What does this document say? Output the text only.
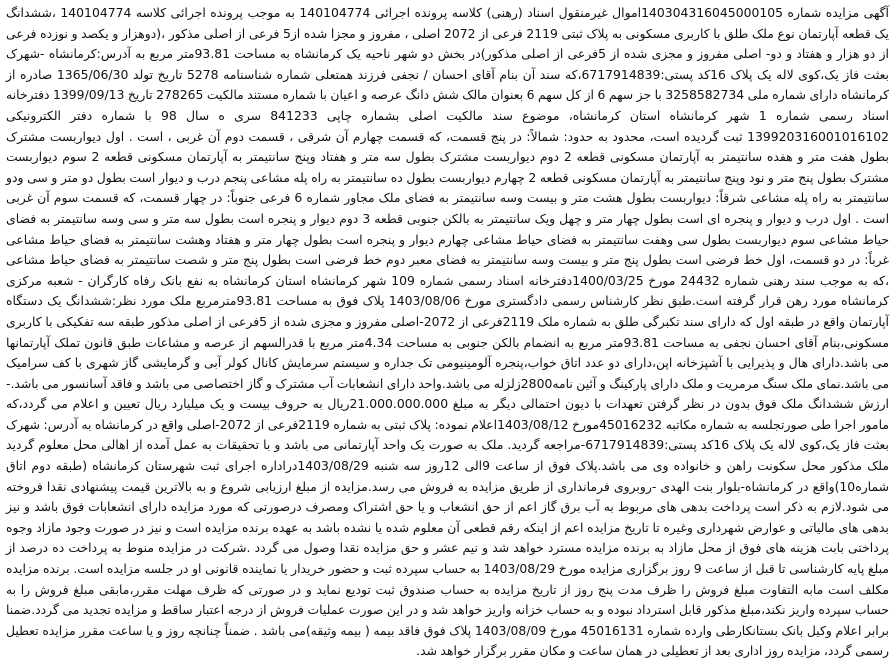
آگهی مزایده شماره 140304316045000105اموال غیرمنقول اسناد (رهنی) کلاسه پرونده اجرائی 140104774 به موجب پرونده اجرائی کلاسه 140104774 ،ششدانگ یک قطعه آپارتمان نوع ملک طلق با کاربری مسکونی به پلاک ثبتی 2119 فرعی از 2072 اصلی ، مفروز و مجزا شده از5 فرعی از اصلی مذکور ،(دوهزار و یکصد و نوزده فرعی از دو هزار و هفتاد و دو- اصلی مفروز و مجزی شده از 5فرعی از اصلی مذکور)در بخش دو شهر ناحیه یک کرمانشاه به مساحت 93.81متر مربع به آدرس:کرمانشاه -شهرک بعثت فاز یک،کوی لاله یک پلاک 16کد پستی:6717914839،که سند آن بنام آقای احسان / نجفی فرزند همتعلی شماره شناسنامه 5278 تاریخ تولد 1365/06/30 صادره از کرمانشاه دارای شماره ملی 3258582734 با جز سهم 6 از کل سهم 6 بعنوان مالک شش دانگ عرصه و اعیان با شماره مستند مالکیت 278265 تاریخ 1399/09/13 دفترخانه اسناد رسمی شماره 1 شهر کرمانشاه استان کرمانشاه، موضوع سند مالکیت اصلی بشماره چاپی 841233 سری ه سال 98 با شماره دفتر الکترونیکی 139920316001016102 ثبت گردیده است، محدود به حدود: شمالاً: در پنج قسمت، که قسمت چهارم آن شرقی ، قسمت دوم آن غربی ، است . اول دیواربست مشترک بطول هفت متر و هفده سانتیمتر به آپارتمان مسکونی قطعه 2 دوم دیواربست مشترک بطول سه متر و هفتاد وپنج سانتیمتر به آپارتمان مسکونی قطعه 2 سوم دیواربست مشترک بطول پنج متر و نود وپنج سانتیمتر به آپارتمان مسکونی قطعه 2 چهارم دیواربست بطول ده سانتیمتر به راه پله مشاعی پنجم درب و دیوار است بطول دو متر و سی ودو سانتیمتر به راه پله مشاعی شرقاً: دیواربست بطول هشت متر و بیست وسه سانتیمتر به فضای ملک مجاور شماره 6 فرعی جنوباً: در چهار قسمت، که قسمت سوم آن غربی است . اول درب و دیوار و پنجره ای است بطول چهار متر و چهل ویک سانتیمتر به بالکن جنوبی قطعه 3 دوم دیوار و پنجره است بطول سه متر و سی وسه سانتیمتر به فضای حیاط مشاعی سوم دیواربست بطول سی وهفت سانتیمتر به فضای حیاط مشاعی چهارم دیوار و پنجره است بطول چهار متر و هفتاد وهشت سانتیمتر به فضای حیاط مشاعی غرباً: در دو قسمت، اول خط فرضی است بطول پنج متر و بیست وسه سانتیمتر به فضای معبر دوم خط فرضی است بطول پنج متر و شصت سانتیمتر به فضای حیاط مشاعی ،که به موجب سند رهنی شماره 24432 مورخ 1400/03/25دفترخانه اسناد رسمی شماره 109 شهر کرمانشاه استان کرمانشاه به نفع بانک رفاه کارگران - شعبه مرکزی کرمانشاه مورد رهن قرار گرفته است.طبق نظر کارشناس رسمی دادگستری مورخ 1403/08/06 پلاک فوق به مساحت 93.81مترمربع ملک مورد نظر:ششدانگ یک دستگاه آپارتمان واقع در طبقه اول که دارای سند تکبرگی طلق به شماره ملک 2119فرعی از 2072-اصلی مفروز و مجزی شده از 5فرعی از اصلی مذکور طبقه سه تفکیکی با کاربری مسکونی،بنام آقای احسان نجفی به مساحت 93.81متر مربع به انضمام بالکن جنوبی به مساحت 4.34متر مربع با قدرالسهم از عرصه و مشاعات طبق قانون تملک آپارتمانها می باشد.دارای هال و پذیرایی با آشپزخانه اپن،دارای دو عدد اتاق خواب،پنجره آلومینیومی تک جداره و سیستم سرمایش کانال کولر آبی و گرمایشی گاز شهری با کف سرامیک می باشد.نمای ملک سنگ مرمریت و ملک دارای پارکینگ و آئین نامه2800زلزله می باشد.واحد دارای انشعابات آب مشترک و گاز اختصاصی می باشد و فاقد آسانسور می باشد.-ارزش ششدانگ ملک فوق بدون در نظر گرفتن تعهدات با دیون احتمالی دیگر به مبلغ 21.000.000.000ریال به حروف بیست و یک میلیارد ریال تعیین و اعلام می گردد،که مامور اجرا طی صورتجلسه به شماره مکاتبه 45016232مورخ 1403/08/12اعلام نموده: پلاک ثبتی به شماره 2119فرعی از 2072-اصلی واقع در کرمانشاه به آدرس: شهرک بعثت فاز یک،کوی لاله یک پلاک 16کد پستی:6717914839-مراجعه گردید. ملک به صورت یک واحد آپارتمانی می باشد و با تحقیقات به عمل آمده از اهالی محل معلوم گردید ملک مذکور محل سکونت راهن و خانواده وی می باشد.پلاک فوق از ساعت 9الی 12روز سه شنبه 1403/08/29دراداره اجرای ثبت شهرستان کرمانشاه (طبقه دوم اتاق شماره10)واقع در کرمانشاه-بلوار بنت الهدی -روبروی فرمانداری از طریق مزایده به فروش می رسد.مزایده از مبلغ ارزیابی شروع و به بالاترین قیمت پیشنهادی نقدا فروخته می شود.لازم به ذکر است پرداخت بدهی های مربوط به آب برق گاز اعم از حق انشعاب و یا حق اشتراک ومصرف درصورتی که مورد مزایده دارای انشعابات فوق باشد و نیز بدهی های مالیاتی و عوارض شهرداری وغیره تا تاریخ مزایده اعم از اینکه رقم قطعی آن معلوم شده یا نشده باشد به عهده برنده مزایده است و نیز در صورت وجود مازاد وجوه پرداختی بابت هزینه های فوق از محل مازاد به برنده مزایده مسترد خواهد شد و نیم عشر و حق مزایده نقدا وصول می گردد .شرکت در مزایده منوط به پرداخت ده درصد از مبلغ پایه کارشناسی تا قبل از ساعت 9 روز برگزاری مزایده مورخ 1403/08/29 به حساب سپرده ثبت و حضور خریدار یا نماینده قانونی او در جلسه مزایده است. برنده مزایده مکلف است مابه التفاوت مبلغ فروش را ظرف مدت پنج روز از تاریخ مزایده به حساب صندوق ثبت تودیع نماید و در صورتی که ظرف مهلت مقرر،مابقی مبلغ فروش را به حساب سپرده واریز نکند،مبلغ مذکور قابل استرداد نبوده و به حساب خزانه واریز خواهد شد و در این صورت عملیات فروش از درجه اعتبار ساقط و مزایده تجدید می گردد.ضمنا برابر اعلام وکیل بانک بستانکارطی وارده شماره 45016131 مورخ 1403/08/09 پلاک فوق فاقد بیمه ( بیمه وثیقه)می باشد . ضمناً چنانچه روز و یا ساعت مقرر مزایده تعطیل رسمی گردد، مزایده روز اداری بعد از تعطیلی در همان ساعت و مکان مقرر برگزار خواهد شد.
